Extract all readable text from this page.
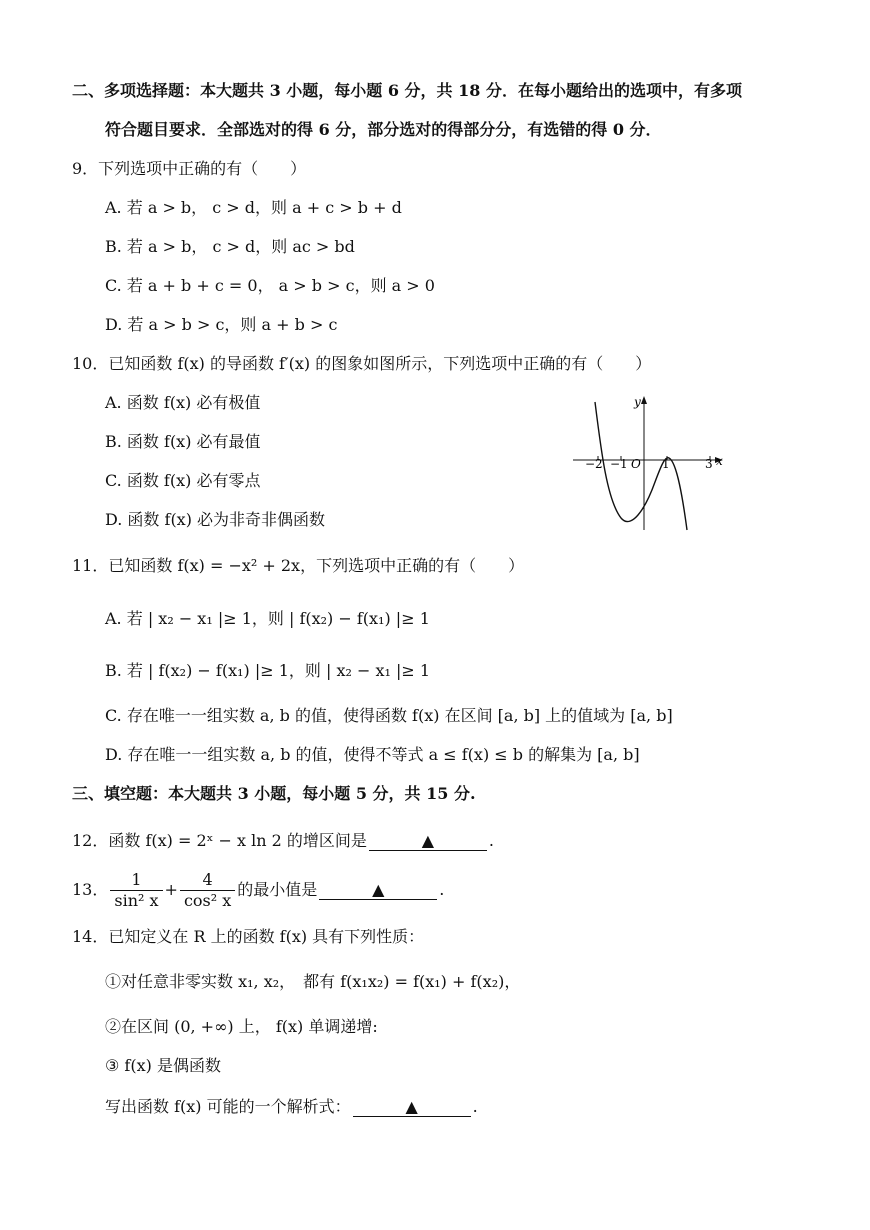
二、多项选择题：本大题共 3 小题，每小题 6 分，共 18 分．在每小题给出的选项中，有多项
符合题目要求．全部选对的得 6 分，部分选对的得部分分，有选错的得 0 分．
9．下列选项中正确的有（　　）
A. 若 a > b， c > d，则 a + c > b + d
B. 若 a > b， c > d，则 ac > bd
C. 若 a + b + c = 0， a > b > c，则 a > 0
D. 若 a > b > c，则 a + b > c
10．已知函数 f(x) 的导函数 f′(x) 的图象如图所示，下列选项中正确的有（　　）
A. 函数 f(x) 必有极值
B. 函数 f(x) 必有最值
C. 函数 f(x) 必有零点
D. 函数 f(x) 必为非奇非偶函数
y
x
O
−2 −1	1	3
11．已知函数 f(x) = −x² + 2x，下列选项中正确的有（　　）
A. 若 | x₂ − x₁ |≥ 1，则 | f(x₂) − f(x₁) |≥ 1
B. 若 | f(x₂) − f(x₁) |≥ 1，则 | x₂ − x₁ |≥ 1
C. 存在唯一一组实数 a, b 的值，使得函数 f(x) 在区间 [a, b] 上的值域为 [a, b]
D. 存在唯一一组实数 a, b 的值，使得不等式 a ≤ f(x) ≤ b 的解集为 [a, b]
三、填空题：本大题共 3 小题，每小题 5 分，共 15 分.
12．函数 f(x) = 2ˣ − x ln 2 的增区间是	▲	.
13． $\frac{1}{\text{sin² x}} + \frac{4}{\text{cos² x}}$ 的最小值是	▲	.
14．已知定义在 R 上的函数 f(x) 具有下列性质：
①对任意非零实数 x₁, x₂，　都有 f(x₁x₂) = f(x₁) + f(x₂)，
②在区间 (0, +∞) 上， f(x) 单调递增:
③ f(x) 是偶函数
写出函数 f(x) 可能的一个解析式：	▲	.
